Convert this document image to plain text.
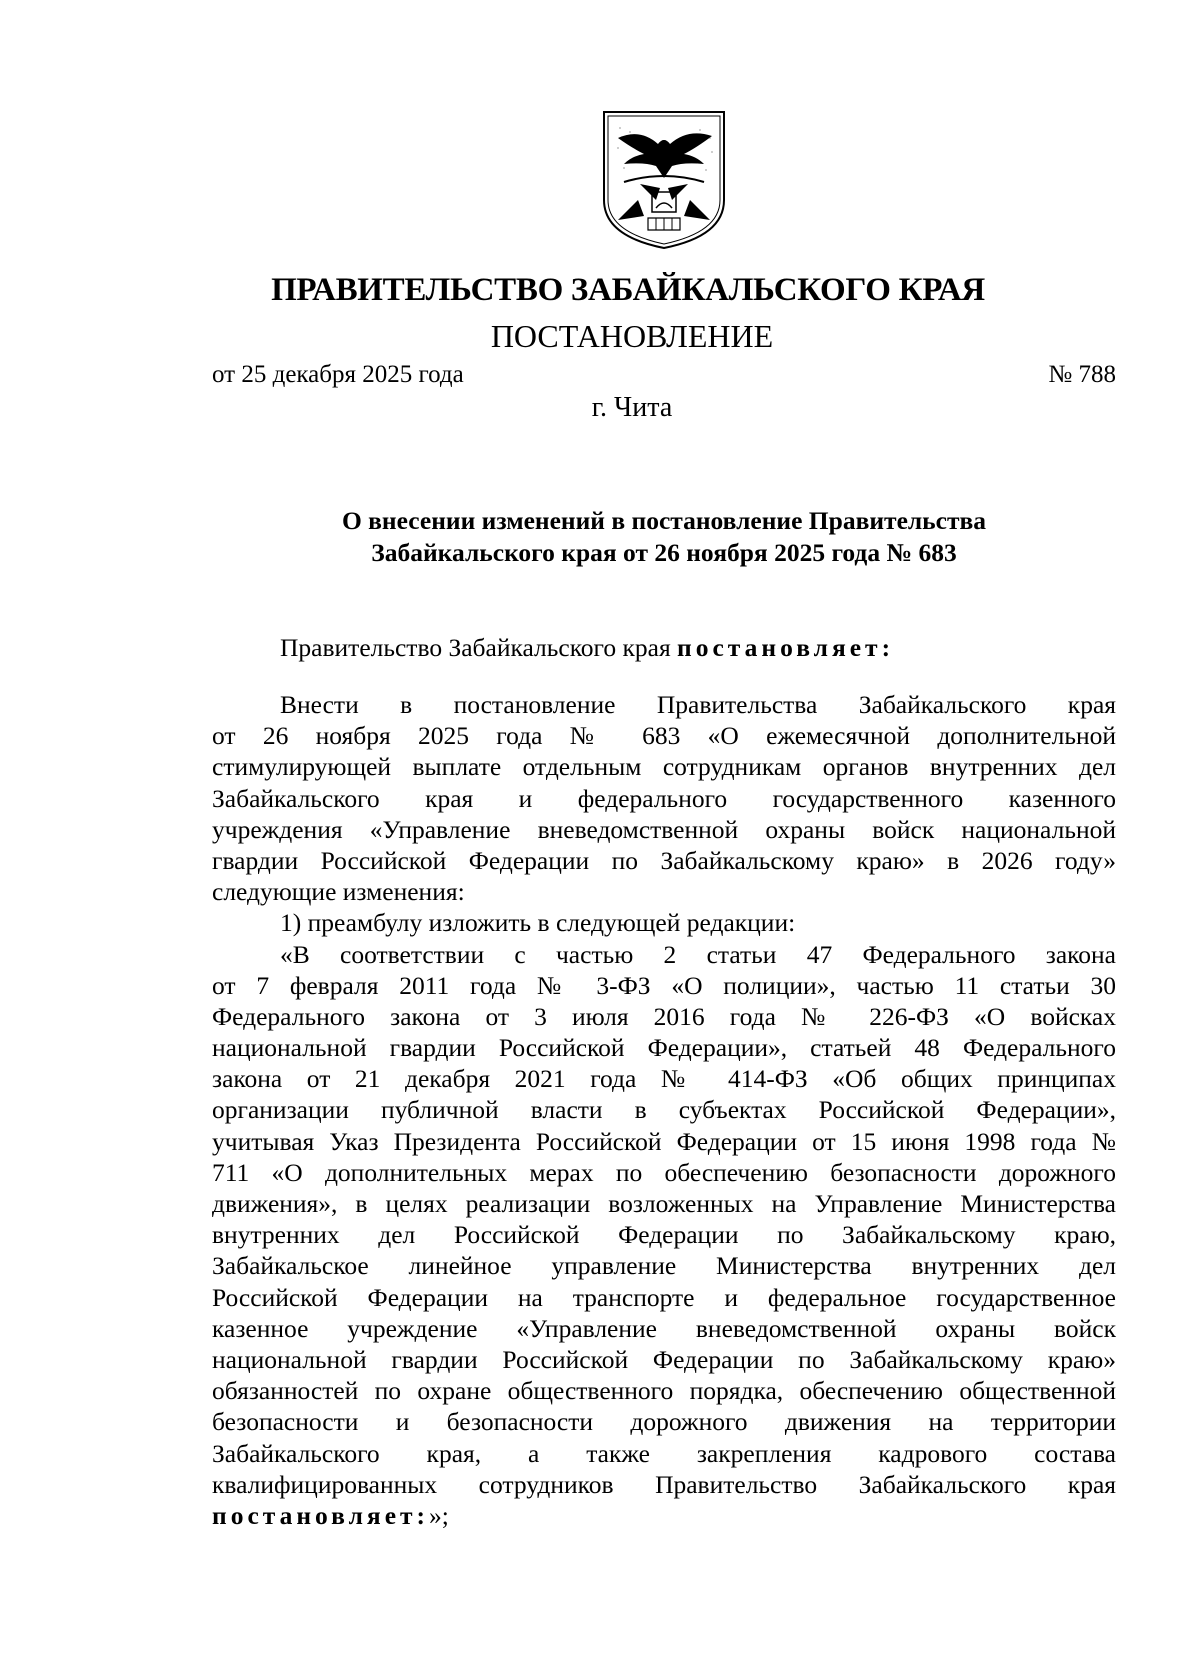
ПРАВИТЕЛЬСТВО ЗАБАЙКАЛЬСКОГО КРАЯ
ПОСТАНОВЛЕНИЕ
от 25 декабря 2025 года	№ 788
г. Чита
О внесении изменений в постановление Правительства
Забайкальского края от 26 ноября 2025 года № 683
Правительство Забайкальского края постановляет:
Внести в постановление Правительства Забайкальского края
от 26 ноября 2025 года № 683 «О ежемесячной дополнительной
стимулирующей выплате отдельным сотрудникам органов внутренних дел
Забайкальского края и федерального государственного казенного
учреждения «Управление вневедомственной охраны войск национальной
гвардии Российской Федерации по Забайкальскому краю» в 2026 году»
следующие изменения:
1) преамбулу изложить в следующей редакции:
«В соответствии с частью 2 статьи 47 Федерального закона
от 7 февраля 2011 года № 3-ФЗ «О полиции», частью 11 статьи 30
Федерального закона от 3 июля 2016 года № 226-ФЗ «О войсках
национальной гвардии Российской Федерации», статьей 48 Федерального
закона от 21 декабря 2021 года № 414-ФЗ «Об общих принципах
организации публичной власти в субъектах Российской Федерации»,
учитывая Указ Президента Российской Федерации от 15 июня 1998 года №
711 «О дополнительных мерах по обеспечению безопасности дорожного
движения», в целях реализации возложенных на Управление Министерства
внутренних дел Российской Федерации по Забайкальскому краю,
Забайкальское линейное управление Министерства внутренних дел
Российской Федерации на транспорте и федеральное государственное
казенное учреждение «Управление вневедомственной охраны войск
национальной гвардии Российской Федерации по Забайкальскому краю»
обязанностей по охране общественного порядка, обеспечению общественной
безопасности и безопасности дорожного движения на территории
Забайкальского края, а также закрепления кадрового состава
квалифицированных сотрудников Правительство Забайкальского края
постановляет:»;
